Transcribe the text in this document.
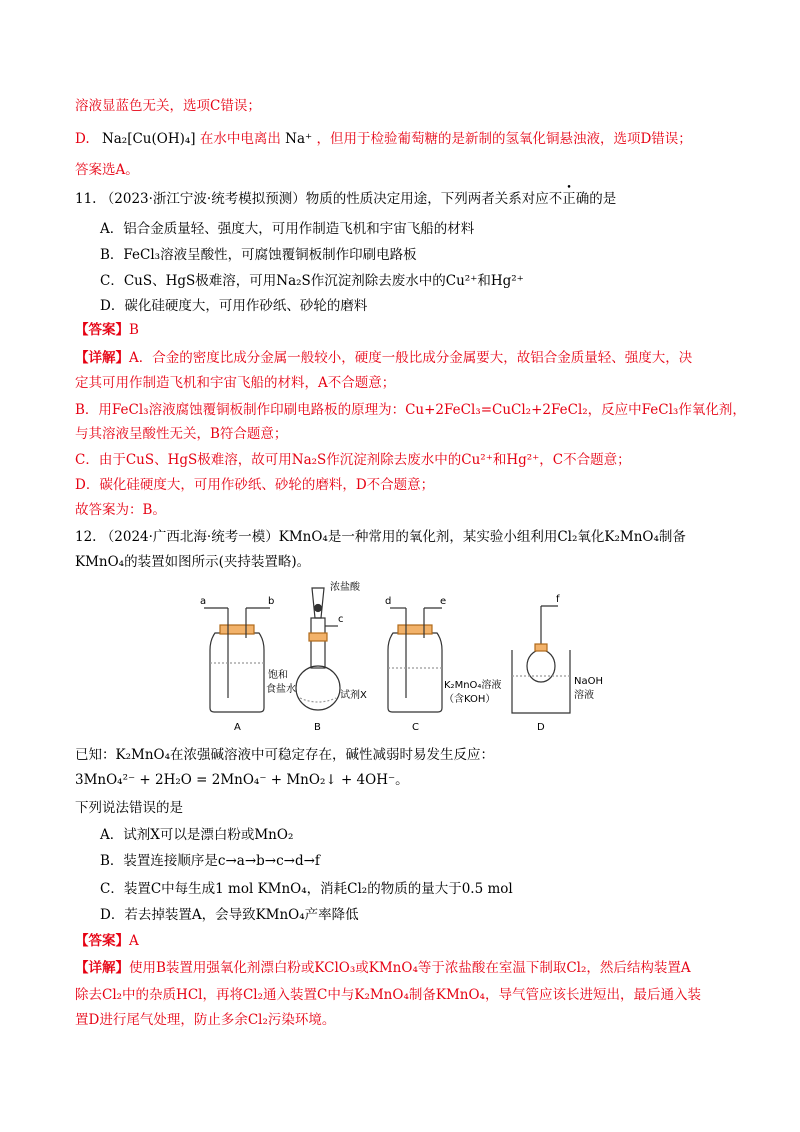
溶液显蓝色无关，选项C错误；
D. Na₂[Cu(OH)₄] 在水中电离出 Na⁺ ，但用于检验葡萄糖的是新制的氢氧化铜悬浊液，选项D错误；
答案选A。
11. （2023·浙江宁波·统考模拟预测）物质的性质决定用途，下列两者关系对应不正确的是
A．铝合金质量轻、强度大，可用作制造飞机和宇宙飞船的材料
B．FeCl₃溶液呈酸性，可腐蚀覆铜板制作印刷电路板
C．CuS、HgS极难溶，可用Na₂S作沉淀剂除去废水中的Cu²⁺和Hg²⁺
D．碳化硅硬度大，可用作砂纸、砂轮的磨料
【答案】B
【详解】A．合金的密度比成分金属一般较小，硬度一般比成分金属要大，故铝合金质量轻、强度大，决
定其可用作制造飞机和宇宙飞船的材料，A不合题意；
B．用FeCl₃溶液腐蚀覆铜板制作印刷电路板的原理为：Cu+2FeCl₃=CuCl₂+2FeCl₂，反应中FeCl₃作氧化剂，
与其溶液呈酸性无关，B符合题意；
C．由于CuS、HgS极难溶，故可用Na₂S作沉淀剂除去废水中的Cu²⁺和Hg²⁺，C不合题意；
D．碳化硅硬度大，可用作砂纸、砂轮的磨料，D不合题意；
故答案为：B。
12. （2024·广西北海·统考一模）KMnO₄是一种常用的氧化剂，某实验小组利用Cl₂氧化K₂MnO₄制备
KMnO₄的装置如图所示(夹持装置略)。
a	b
c
d	e	f
浓盐酸
饱和
食盐水
试剂X
K₂MnO₄溶液
（含KOH）
NaOH
溶液
A	B	C	D
已知：K₂MnO₄在浓强碱溶液中可稳定存在，碱性减弱时易发生反应：
3MnO₄²⁻ + 2H₂O = 2MnO₄⁻ + MnO₂↓ + 4OH⁻。
下列说法错误的是
A．试剂X可以是漂白粉或MnO₂
B．装置连接顺序是c→a→b→c→d→f
C．装置C中每生成1 mol KMnO₄，消耗Cl₂的物质的量大于0.5 mol
D．若去掉装置A，会导致KMnO₄产率降低
【答案】A
【详解】使用B装置用强氧化剂漂白粉或KClO₃或KMnO₄等于浓盐酸在室温下制取Cl₂，然后结构装置A
除去Cl₂中的杂质HCl，再将Cl₂通入装置C中与K₂MnO₄制备KMnO₄，导气管应该长进短出，最后通入装
置D进行尾气处理，防止多余Cl₂污染环境。
